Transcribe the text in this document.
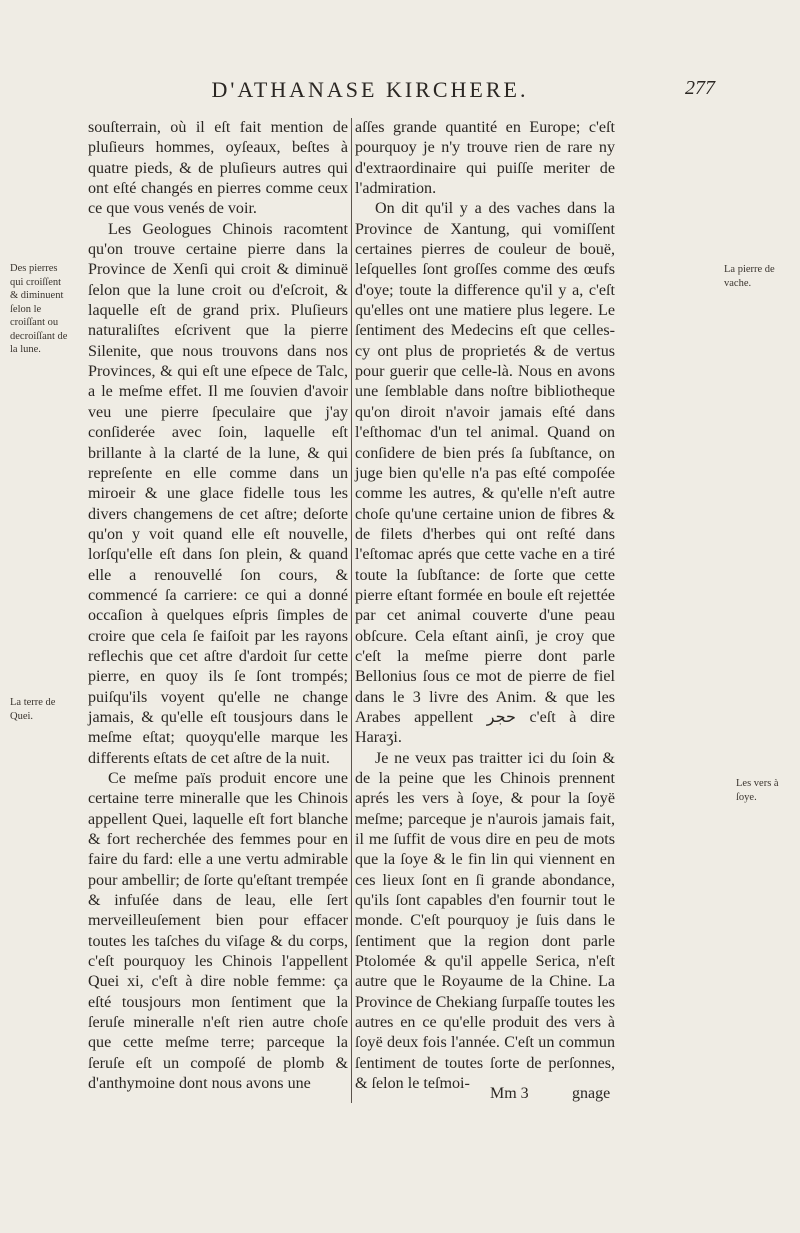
D'ATHANASE KIRCHERE.	277

souſterrain, où il eſt fait mention de pluſieurs hommes, oyſeaux, beſtes à quatre pieds, & de pluſieurs autres qui ont eſté changés en pierres comme ceux ce que vous venés de voir.

Les Geologues Chinois racomtent qu'on trouve certaine pierre dans la Province de Xenſi qui croit & diminuë ſelon que la lune croit ou d'eſcroit, & laquelle eſt de grand prix. Pluſieurs naturaliſtes eſcrivent que la pierre Silenite, que nous trouvons dans nos Provinces, & qui eſt une eſpece de Talc, a le meſme effet. Il me ſouvien d'avoir veu une pierre ſpeculaire que j'ay conſiderée avec ſoin, laquelle eſt brillante à la clarté de la lune, & qui repreſente en elle comme dans un miroeir & une glace fidelle tous les divers changemens de cet aſtre; deſorte qu'on y voit quand elle eſt nouvelle, lorſqu'elle eſt dans ſon plein, & quand elle a renouvellé ſon cours, & commencé ſa carriere: ce qui a donné occaſion à quelques eſpris ſimples de croire que cela ſe faiſoit par les rayons reflechis que cet aſtre d'ardoit ſur cette pierre, en quoy ils ſe ſont trompés; puiſqu'ils voyent qu'elle ne change jamais, & qu'elle eſt tousjours dans le meſme eſtat; quoyqu'elle marque les differents eſtats de cet aſtre de la nuit.

Ce meſme païs produit encore une certaine terre mineralle que les Chinois appellent Quei, laquelle eſt fort blanche & fort recherchée des femmes pour en faire du fard: elle a une vertu admirable pour ambellir; de ſorte qu'eſtant trempée & infuſée dans de leau, elle ſert merveilleuſement bien pour effacer toutes les taſches du viſage & du corps, c'eſt pourquoy les Chinois l'appellent Quei xi, c'eſt à dire noble femme: ça eſté tousjours mon ſentiment que la ſeruſe mineralle n'eſt rien autre choſe que cette meſme terre; parceque la ſeruſe eſt un compoſé de plomb & d'anthymoine dont nous avons une

aſſes grande quantité en Europe; c'eſt pourquoy je n'y trouve rien de rare ny d'extraordinaire qui puiſſe meriter de l'admiration.

On dit qu'il y a des vaches dans la Province de Xantung, qui vomiſſent certaines pierres de couleur de bouë, leſquelles ſont groſſes comme des œufs d'oye; toute la difference qu'il y a, c'eſt qu'elles ont une matiere plus legere. Le ſentiment des Medecins eſt que celles-cy ont plus de proprietés & de vertus pour guerir que celle-là. Nous en avons une ſemblable dans noſtre bibliotheque qu'on diroit n'avoir jamais eſté dans l'eſthomac d'un tel animal. Quand on conſidere de bien prés ſa ſubſtance, on juge bien qu'elle n'a pas eſté compoſée comme les autres, & qu'elle n'eſt autre choſe qu'une certaine union de fibres & de filets d'herbes qui ont reſté dans l'eſtomac aprés que cette vache en a tiré toute la ſubſtance: de ſorte que cette pierre eſtant formée en boule eſt rejettée par cet animal couverte d'une peau obſcure. Cela eſtant ainſi, je croy que c'eſt la meſme pierre dont parle Bellonius ſous ce mot de pierre de fiel dans le 3 livre des Anim. & que les Arabes appellent ﺣﺠﺮ c'eſt à dire Haraʒi.

Je ne veux pas traitter ici du ſoin & de la peine que les Chinois prennent aprés les vers à ſoye, & pour la ſoyë meſme; parceque je n'aurois jamais fait, il me ſuffit de vous dire en peu de mots que la ſoye & le fin lin qui viennent en ces lieux ſont en ſi grande abondance, qu'ils ſont capables d'en fournir tout le monde. C'eſt pourquoy je ſuis dans le ſentiment que la region dont parle Ptolomée & qu'il appelle Serica, n'eſt autre que le Royaume de la Chine. La Province de Chekiang ſurpaſſe toutes les autres en ce qu'elle produit des vers à ſoyë deux fois l'année. C'eſt un commun ſentiment de toutes ſorte de perſonnes, & ſelon le teſmoi-

Des pierres qui croiſſent & diminuent ſelon le croiſſant ou decroiſſant de la lune.
La terre de Quei.
La pierre de vache.
Les vers à ſoye.
Mm 3	gnage
